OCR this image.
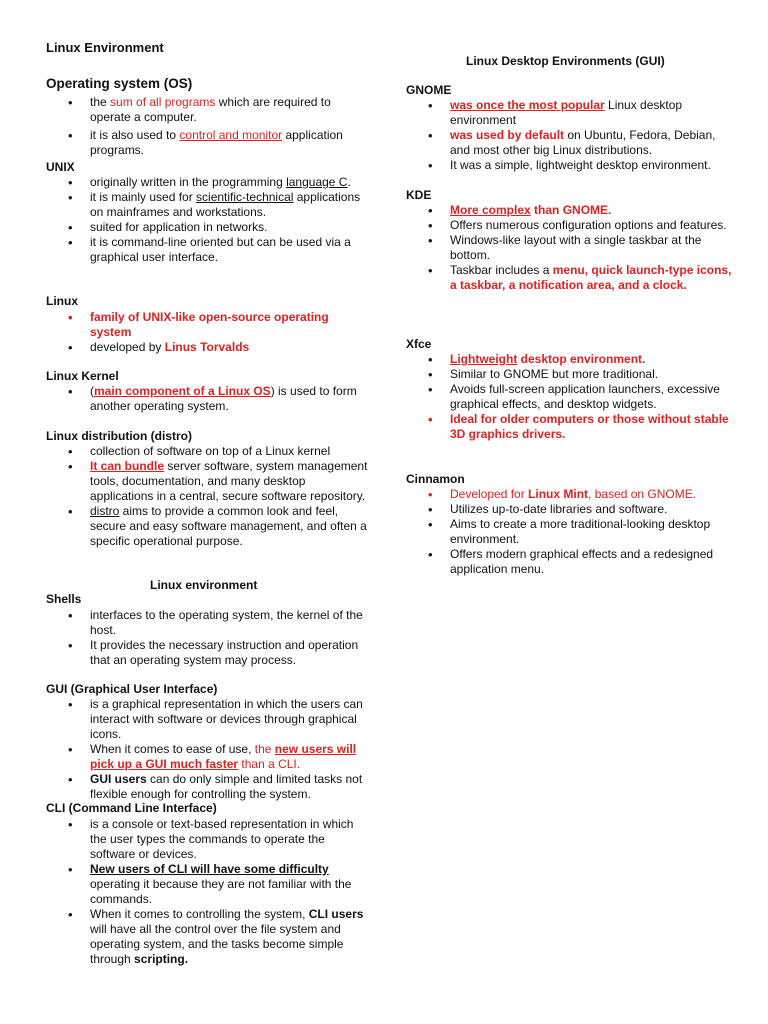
Linux Environment
Linux Desktop Environments (GUI)
Operating system (OS)
• the sum of all programs which are required to operate a computer.
• it is also used to control and monitor application programs.
UNIX
• originally written in the programming language C.
• it is mainly used for scientific-technical applications on mainframes and workstations.
• suited for application in networks.
• it is command-line oriented but can be used via a graphical user interface.
Linux
• family of UNIX-like open-source operating system
• developed by Linus Torvalds
Linux Kernel
• (main component of a Linux OS) is used to form another operating system.
Linux distribution (distro)
• collection of software on top of a Linux kernel
• It can bundle server software, system management tools, documentation, and many desktop applications in a central, secure software repository.
• distro aims to provide a common look and feel, secure and easy software management, and often a specific operational purpose.
Linux environment
Shells
• interfaces to the operating system, the kernel of the host.
• It provides the necessary instruction and operation that an operating system may process.
GUI (Graphical User Interface)
• is a graphical representation in which the users can interact with software or devices through graphical icons.
• When it comes to ease of use, the new users will pick up a GUI much faster than a CLI.
• GUI users can do only simple and limited tasks not flexible enough for controlling the system.
CLI (Command Line Interface)
• is a console or text-based representation in which the user types the commands to operate the software or devices.
• New users of CLI will have some difficulty operating it because they are not familiar with the commands.
• When it comes to controlling the system, CLI users will have all the control over the file system and operating system, and the tasks become simple through scripting.
GNOME
• was once the most popular Linux desktop environment
• was used by default on Ubuntu, Fedora, Debian, and most other big Linux distributions.
• It was a simple, lightweight desktop environment.
KDE
• More complex than GNOME.
• Offers numerous configuration options and features.
• Windows-like layout with a single taskbar at the bottom.
• Taskbar includes a menu, quick launch-type icons, a taskbar, a notification area, and a clock.
Xfce
• Lightweight desktop environment.
• Similar to GNOME but more traditional.
• Avoids full-screen application launchers, excessive graphical effects, and desktop widgets.
• Ideal for older computers or those without stable 3D graphics drivers.
Cinnamon
• Developed for Linux Mint, based on GNOME.
• Utilizes up-to-date libraries and software.
• Aims to create a more traditional-looking desktop environment.
• Offers modern graphical effects and a redesigned application menu.
